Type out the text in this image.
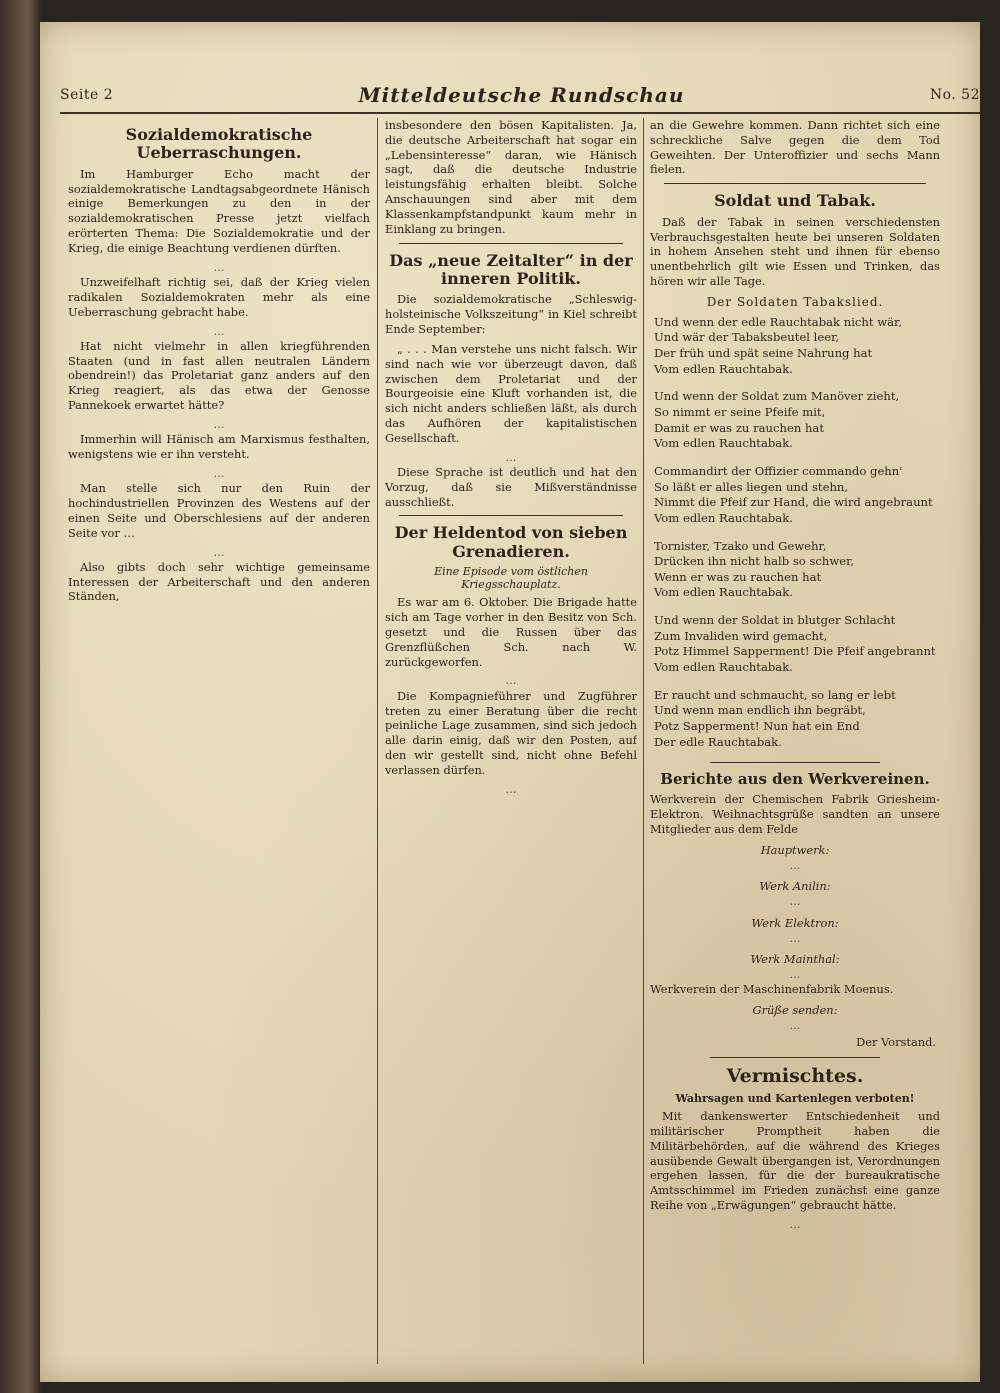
Seite 2	Mitteldeutsche Rundschau	No. 52
Sozialdemokratische Ueberraschungen.

Im Hamburger Echo macht der sozialdemokratische Landtagsabgeordnete Hänisch einige Bemerkungen zu den in der sozialdemokratischen Presse jetzt vielfach erörterten Thema: Die Sozialdemokratie und der Krieg, die einige Beachtung verdienen dürften.

…

Unzweifelhaft richtig sei, daß der Krieg vielen radikalen Sozialdemokraten mehr als eine Ueberraschung gebracht habe.

…

Hat nicht vielmehr in allen kriegführenden Staaten (und in fast allen neutralen Ländern obendrein!) das Proletariat ganz anders auf den Krieg reagiert, als das etwa der Genosse Pannekoek erwartet hätte?

…

Immerhin will Hänisch am Marxismus festhalten, wenigstens wie er ihn versteht.

…

Man stelle sich nur den Ruin der hochindustriellen Provinzen des Westens auf der einen Seite und Oberschlesiens auf der anderen Seite vor …

…

Also gibts doch sehr wichtige gemeinsame Interessen der Arbeiterschaft und den anderen Ständen,

insbesondere den bösen Kapitalisten. Ja, die deutsche Arbeiterschaft hat sogar ein „Lebensinteresse“ daran, wie Hänisch sagt, daß die deutsche Industrie leistungsfähig erhalten bleibt. Solche Anschauungen sind aber mit dem Klassenkampfstandpunkt kaum mehr in Einklang zu bringen.

Das „neue Zeitalter“ in der inneren Politik.

Die sozialdemokratische „Schleswig-holsteinische Volkszeitung“ in Kiel schreibt Ende September:

„ . . . Man verstehe uns nicht falsch. Wir sind nach wie vor überzeugt davon, daß zwischen dem Proletariat und der Bourgeoisie eine Kluft vorhanden ist, die sich nicht anders schließen läßt, als durch das Aufhören der kapitalistischen Gesellschaft.

…

Diese Sprache ist deutlich und hat den Vorzug, daß sie Mißverständnisse ausschließt.

Der Heldentod von sieben Grenadieren.
Eine Episode vom östlichen Kriegsschauplatz.

Es war am 6. Oktober. Die Brigade hatte sich am Tage vorher in den Besitz von Sch. gesetzt und die Russen über das Grenzflüßchen Sch. nach W. zurückgeworfen.

…

Die Kompagnieführer und Zugführer treten zu einer Beratung über die recht peinliche Lage zusammen, sind sich jedoch alle darin einig, daß wir den Posten, auf den wir gestellt sind, nicht ohne Befehl verlassen dürfen.

…

an die Gewehre kommen. Dann richtet sich eine schreckliche Salve gegen die dem Tod Geweihten. Der Unteroffizier und sechs Mann fielen.

Soldat und Tabak.

Daß der Tabak in seinen verschiedensten Verbrauchsgestalten heute bei unseren Soldaten in hohem Ansehen steht und ihnen für ebenso unentbehrlich gilt wie Essen und Trinken, das hören wir alle Tage.

Der Soldaten Tabakslied.
Und wenn der edle Rauchtabak nicht wär,
Und wär der Tabaksbeutel leer,
Der früh und spät seine Nahrung hat
Vom edlen Rauchtabak.
Und wenn der Soldat zum Manöver zieht,
So nimmt er seine Pfeife mit,
Damit er was zu rauchen hat
Vom edlen Rauchtabak.
Commandirt der Offizier commando gehn'
So läßt er alles liegen und stehn,
Nimmt die Pfeif zur Hand, die wird angebraunt
Vom edlen Rauchtabak.
Tornister, Tzako und Gewehr,
Drücken ihn nicht halb so schwer,
Wenn er was zu rauchen hat
Vom edlen Rauchtabak.
Und wenn der Soldat in blutger Schlacht
Zum Invaliden wird gemacht,
Potz Himmel Sapperment! Die Pfeif angebrannt
Vom edlen Rauchtabak.
Er raucht und schmaucht, so lang er lebt
Und wenn man endlich ihn begräbt,
Potz Sapperment! Nun hat ein End
Der edle Rauchtabak.
Berichte aus den Werkvereinen.

Werkverein der Chemischen Fabrik Griesheim-Elektron. Weihnachtsgrüße sandten an unsere Mitglieder aus dem Felde

Hauptwerk:
…
Werk Anilin:
…
Werk Elektron:
…
Werk Mainthal:
…

Werkverein der Maschinenfabrik Moenus.

Grüße senden:
…
Der Vorstand.
Vermischtes.
Wahrsagen und Kartenlegen verboten!

Mit dankenswerter Entschiedenheit und militärischer Promptheit haben die Militärbehörden, auf die während des Krieges ausübende Gewalt übergangen ist, Verordnungen ergehen lassen, für die der bureaukratische Amtsschimmel im Frieden zunächst eine ganze Reihe von „Erwägungen“ gebraucht hätte.

…
